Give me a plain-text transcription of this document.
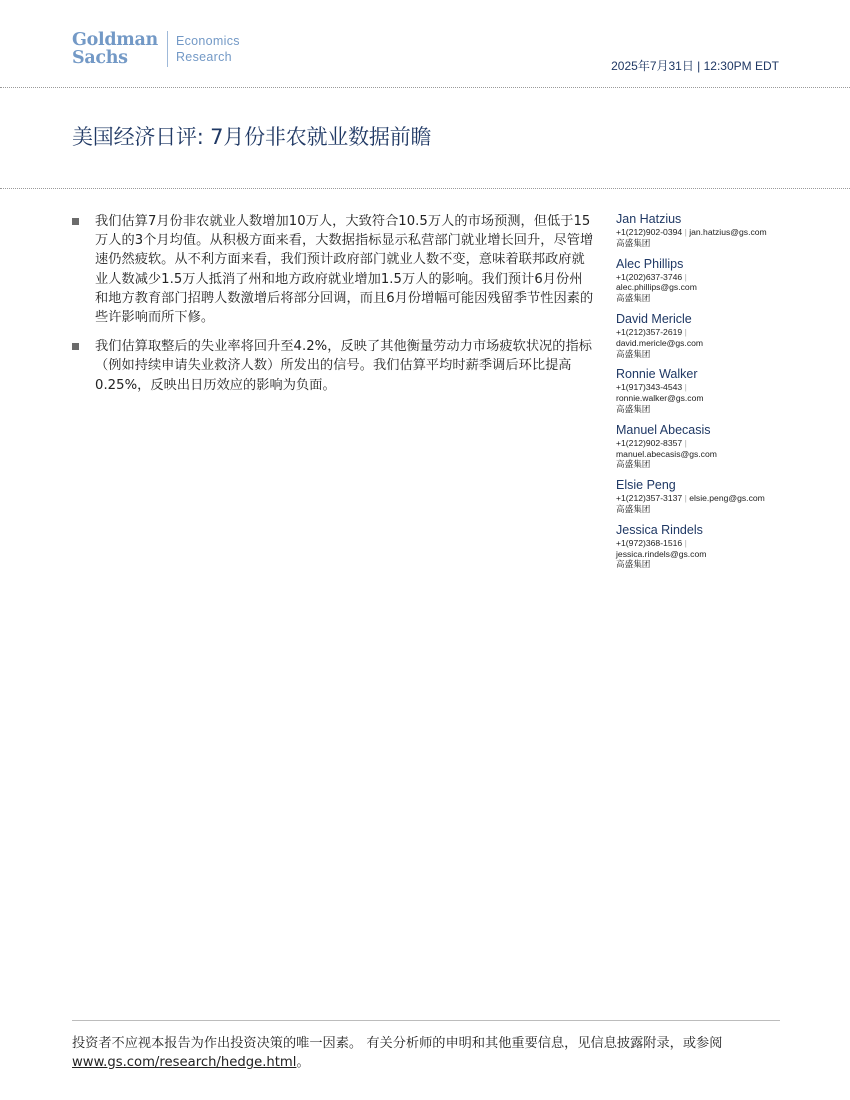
Goldman
Sachs
Economics
Research
2025年7月31日 | 12:30PM EDT
美国经济日评: 7月份非农就业数据前瞻
我们估算7月份非农就业人数增加10万人，大致符合10.5万人的市场预测，但低于15万人的3个月均值。从积极方面来看，大数据指标显示私营部门就业增长回升，尽管增速仍然疲软。从不利方面来看，我们预计政府部门就业人数不变，意味着联邦政府就业人数减少1.5万人抵消了州和地方政府就业增加1.5万人的影响。我们预计6月份州和地方教育部门招聘人数激增后将部分回调，而且6月份增幅可能因残留季节性因素的些许影响而所下修。
我们估算取整后的失业率将回升至4.2%，反映了其他衡量劳动力市场疲软状况的指标（例如持续申请失业救济人数）所发出的信号。我们估算平均时薪季调后环比提高0.25%，反映出日历效应的影响为负面。
Jan Hatzius
+1(212)902-0394 | jan.hatzius@gs.com
高盛集团
Alec Phillips
+1(202)637-3746 |
alec.phillips@gs.com
高盛集团
David Mericle
+1(212)357-2619 |
david.mericle@gs.com
高盛集团
Ronnie Walker
+1(917)343-4543 |
ronnie.walker@gs.com
高盛集团
Manuel Abecasis
+1(212)902-8357 |
manuel.abecasis@gs.com
高盛集团
Elsie Peng
+1(212)357-3137 | elsie.peng@gs.com
高盛集团
Jessica Rindels
+1(972)368-1516 |
jessica.rindels@gs.com
高盛集团
投资者不应视本报告为作出投资决策的唯一因素。 有关分析师的申明和其他重要信息，见信息披露附录，或参阅
www.gs.com/research/hedge.html。
